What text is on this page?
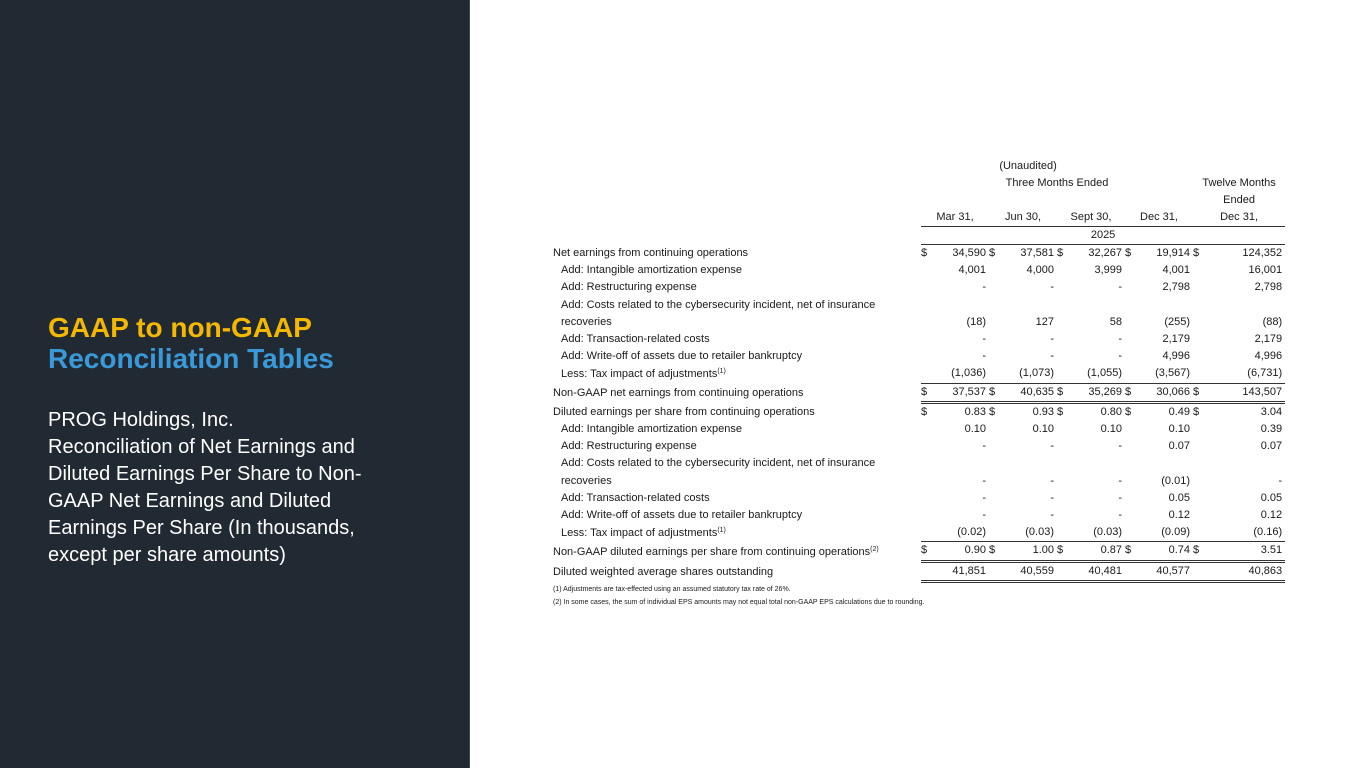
GAAP to non-GAAP
Reconciliation Tables
PROG Holdings, Inc.
Reconciliation of Net Earnings and
Diluted Earnings Per Share to Non-
GAAP Net Earnings and Diluted
Earnings Per Share (In thousands,
except per share amounts)
	(Unaudited)									
	Three Months Ended								Twelve Months	
									Ended	
	Mar 31,		Jun 30,		Sept 30,		Dec 31,		Dec 31,	
	2025									
Net earnings from continuing operations	$	34,590	$	37,581	$	32,267	$	19,914	$	124,352
Add: Intangible amortization expense		4,001		4,000		3,999		4,001		16,001
Add: Restructuring expense		-		-		-		2,798		2,798
Add: Costs related to the cybersecurity incident, net of insurance										
recoveries		(18)		127		58		(255)		(88)
Add: Transaction-related costs		-		-		-		2,179		2,179
Add: Write-off of assets due to retailer bankruptcy		-		-		-		4,996		4,996
Less: Tax impact of adjustments$^{(1)}$		(1,036)		(1,073)		(1,055)		(3,567)		(6,731)
Non-GAAP net earnings from continuing operations	$	37,537	$	40,635	$	35,269	$	30,066	$	143,507
Diluted earnings per share from continuing operations	$	0.83	$	0.93	$	0.80	$	0.49	$	3.04
Add: Intangible amortization expense		0.10		0.10		0.10		0.10		0.39
Add: Restructuring expense		-		-		-		0.07		0.07
Add: Costs related to the cybersecurity incident, net of insurance										
recoveries		-		-		-		(0.01)		-
Add: Transaction-related costs		-		-		-		0.05		0.05
Add: Write-off of assets due to retailer bankruptcy		-		-		-		0.12		0.12
Less: Tax impact of adjustments$^{(1)}$		(0.02)		(0.03)		(0.03)		(0.09)		(0.16)
Non-GAAP diluted earnings per share from continuing operations$^{(2)}$	$	0.90	$	1.00	$	0.87	$	0.74	$	3.51
Diluted weighted average shares outstanding		41,851		40,559		40,481		40,577		40,863
(1) Adjustments are tax-effected using an assumed statutory tax rate of 26%.
(2) In some cases, the sum of individual EPS amounts may not equal total non-GAAP EPS calculations due to rounding.
